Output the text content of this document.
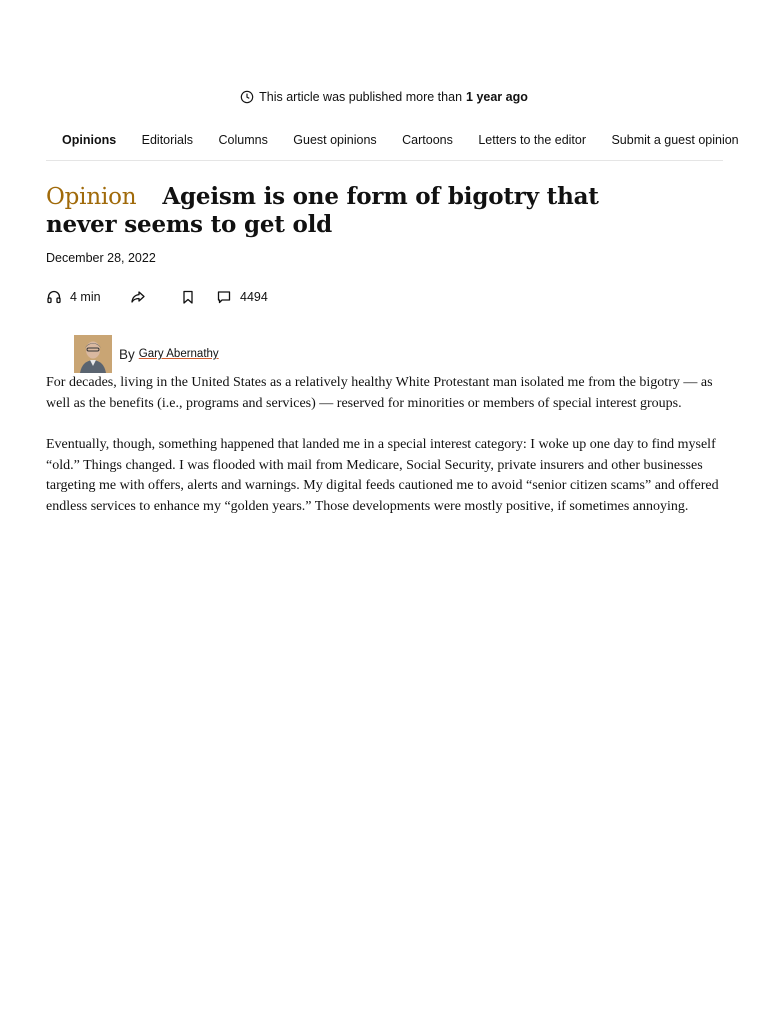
This article was published more than 1 year ago
Opinions Editorials Columns Guest opinions Cartoons Letters to the editor Submit a guest opinion
Opinion Ageism is one form of bigotry that never seems to get old
December 28, 2022
4 min	4494
By Gary Abernathy

For decades, living in the United States as a relatively healthy White Protestant man isolated me from the bigotry — as well as the benefits (i.e., programs and services) — reserved for minorities or members of special interest groups.

Eventually, though, something happened that landed me in a special interest category: I woke up one day to find myself “old.” Things changed. I was flooded with mail from Medicare, Social Security, private insurers and other businesses targeting me with offers, alerts and warnings. My digital feeds cautioned me to avoid “senior citizen scams” and offered endless services to enhance my “golden years.” Those developments were mostly positive, if sometimes annoying.
